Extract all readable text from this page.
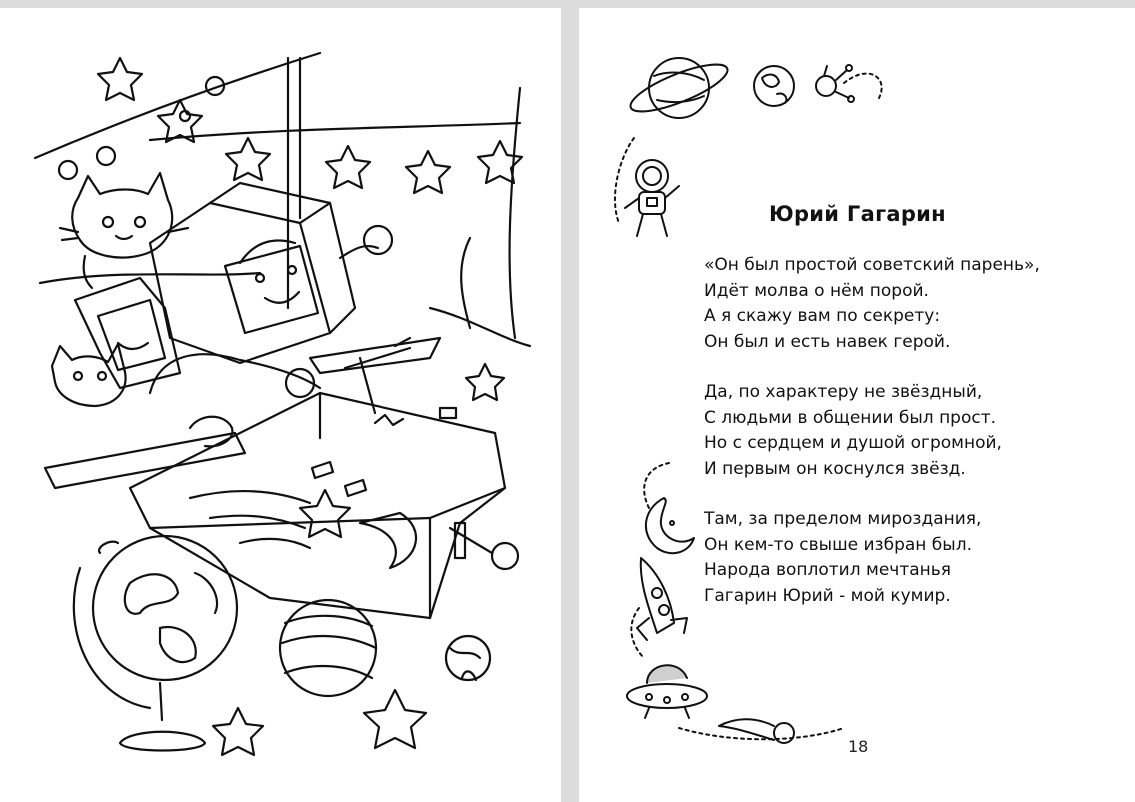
Юрий Гагарин
«Он был простой советский парень»,
Идёт молва о нём порой.
А я скажу вам по секрету:
Он был и есть навек герой.
Да, по характеру не звёздный,
С людьми в общении был прост.
Но с сердцем и душой огромной,
И первым он коснулся звёзд.
Там, за пределом мироздания,
Он кем-то свыше избран был.
Народа воплотил мечтанья
Гагарин Юрий - мой кумир.
18
